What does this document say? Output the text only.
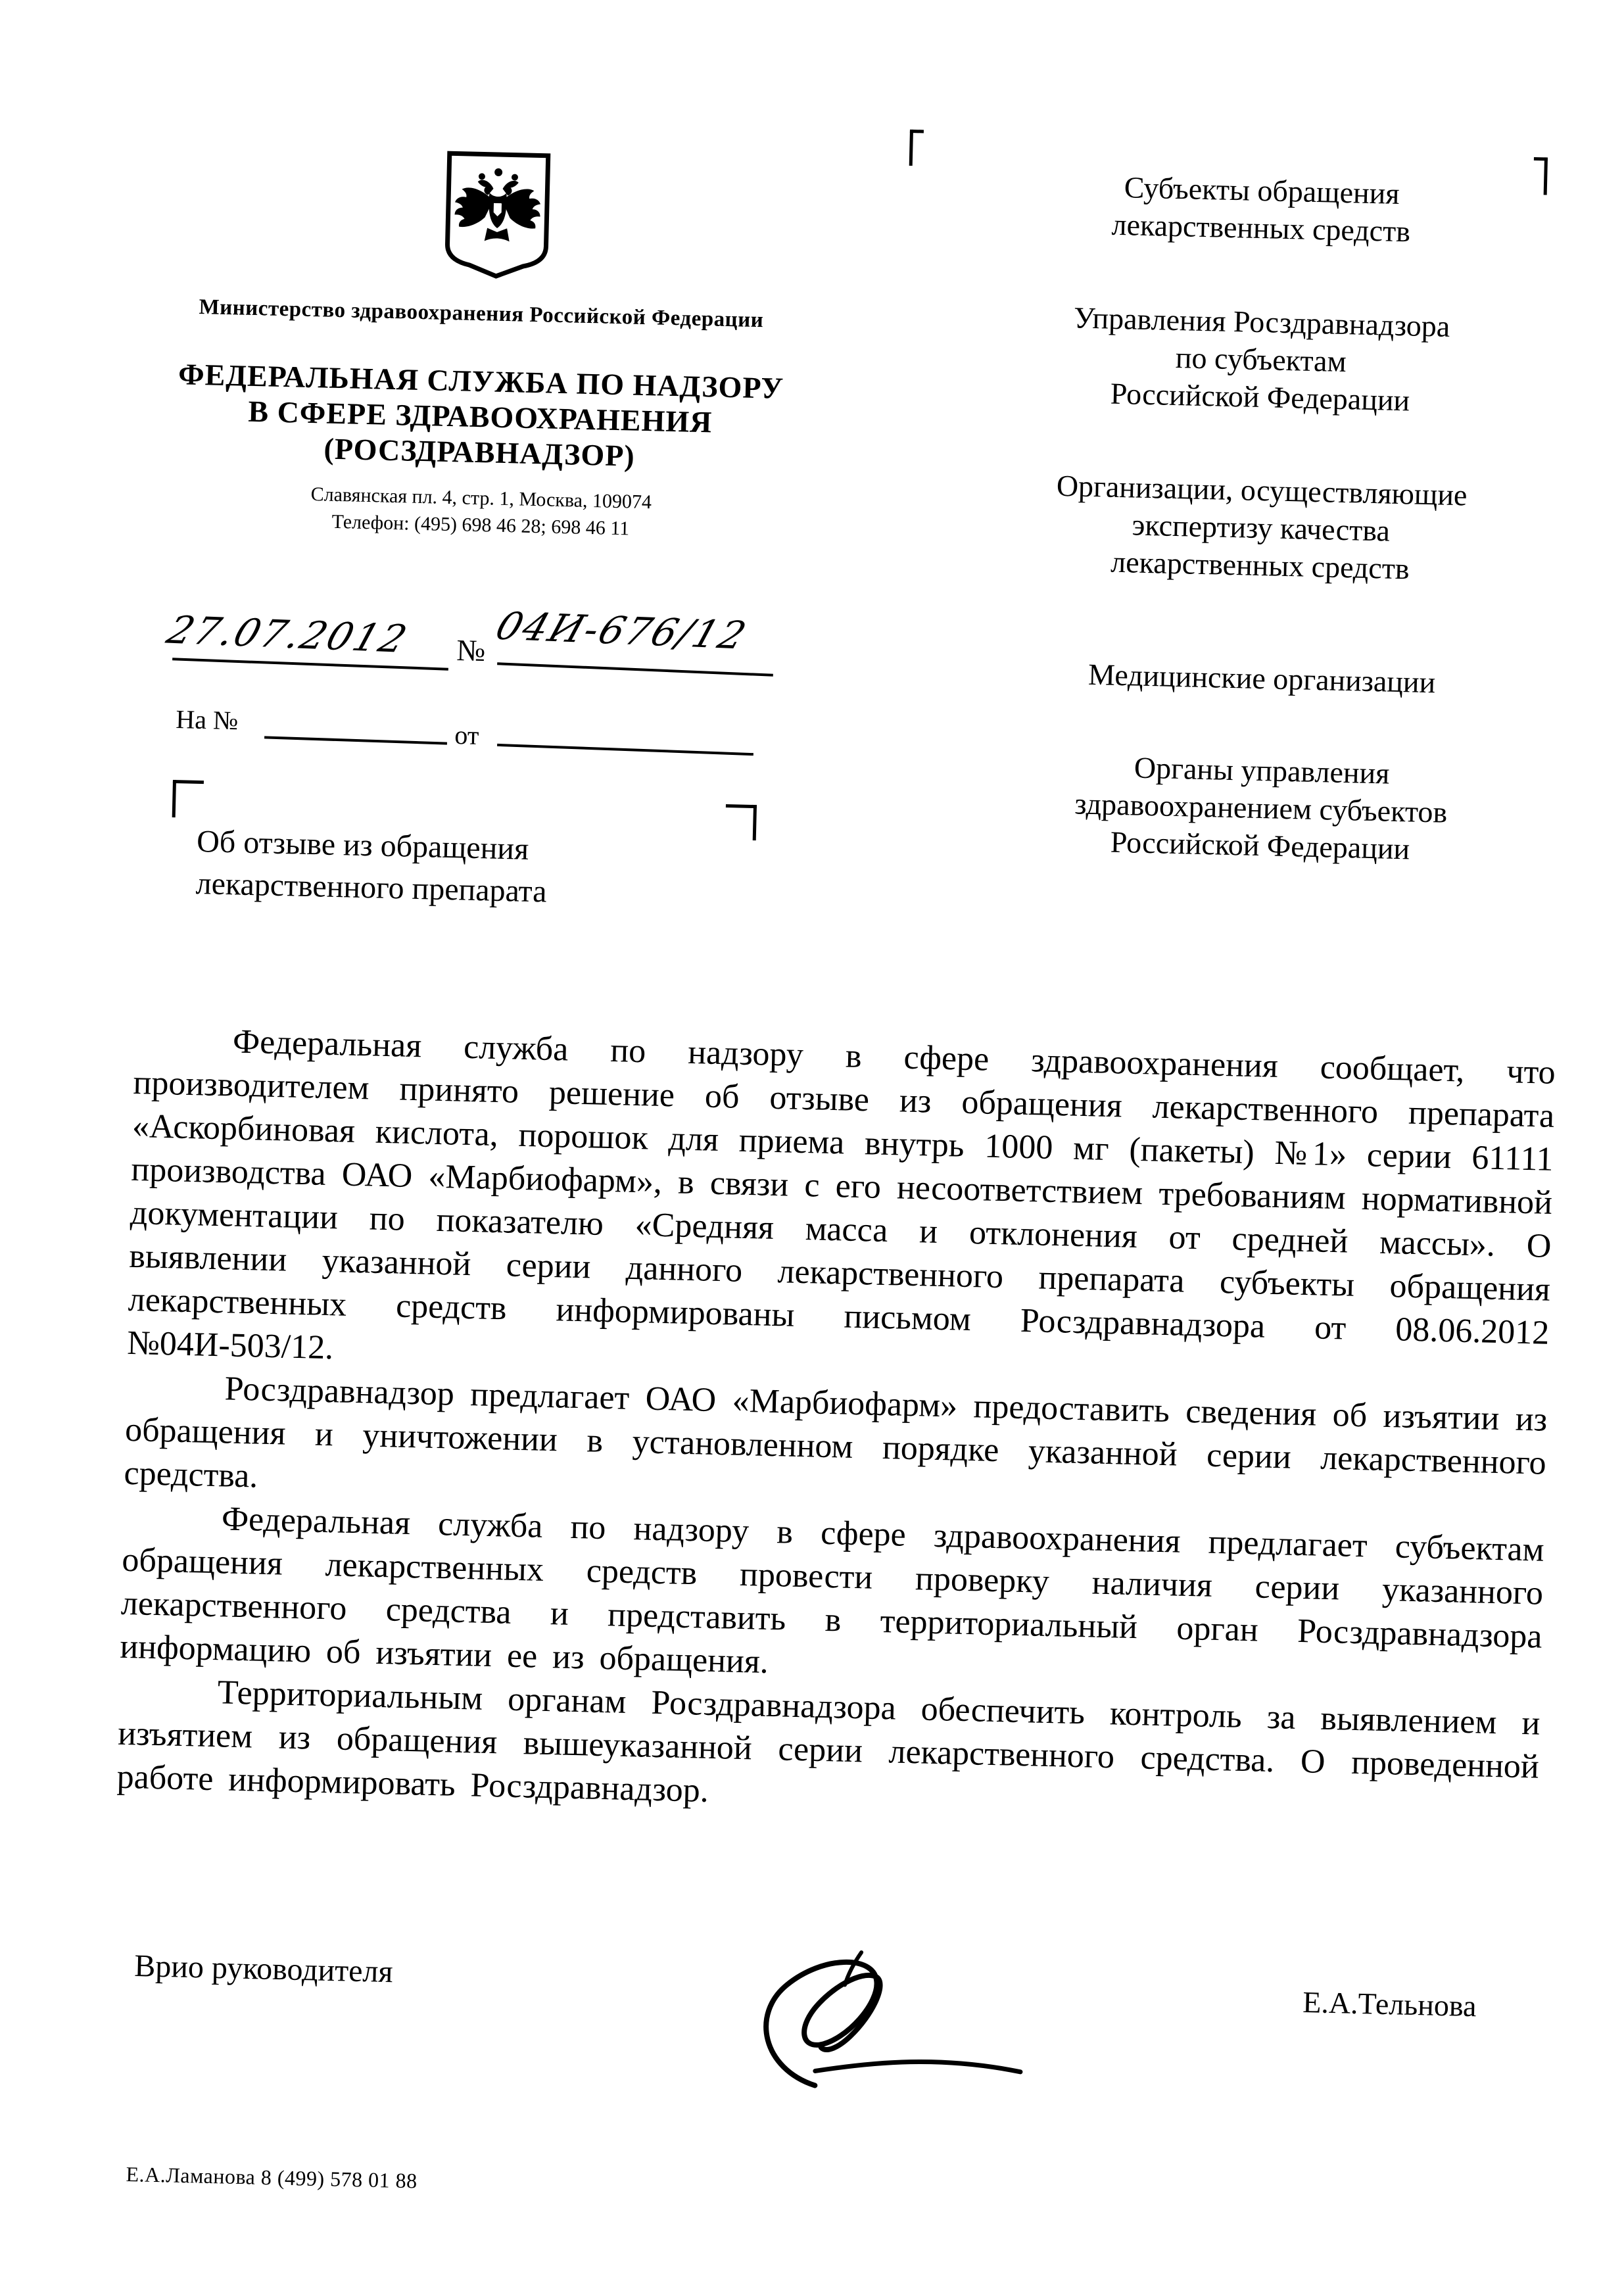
Министерство здравоохранения Российской Федерации
ФЕДЕРАЛЬНАЯ СЛУЖБА ПО НАДЗОРУ
В СФЕРЕ ЗДРАВООХРАНЕНИЯ
(РОСЗДРАВНАДЗОР)
Славянская пл. 4, стр. 1, Москва, 109074
Телефон: (495) 698 46 28; 698 46 11
27.07.2012 № 04И-676/12
На №	от
Об отзыве из обращения
лекарственного препарата
Субъекты обращения
лекарственных средств
Управления Росздравнадзора
по субъектам
Российской Федерации
Организации, осуществляющие
экспертизу качества
лекарственных средств
Медицинские организации
Органы управления
здравоохранением субъектов
Российской Федерации

Федеральная служба по надзору в сфере здравоохранения сообщает, что производителем принято решение об отзыве из обращения лекарственного препарата «Аскорбиновая кислота, порошок для приема внутрь 1000 мг (пакеты) №1» серии 61111 производства ОАО «Марбиофарм», в связи с его несоответствием требованиям нормативной документации по показателю «Средняя масса и отклонения от средней массы». О выявлении указанной серии данного лекарственного препарата субъекты обращения лекарственных средств информированы письмом Росздравнадзора от 08.06.2012 №04И-503/12.

Росздравнадзор предлагает ОАО «Марбиофарм» предоставить сведения об изъятии из обращения и уничтожении в установленном порядке указанной серии лекарственного средства.

Федеральная служба по надзору в сфере здравоохранения предлагает субъектам обращения лекарственных средств провести проверку наличия серии указанного лекарственного средства и представить в территориальный орган Росздравнадзора информацию об изъятии ее из обращения.

Территориальным органам Росздравнадзора обеспечить контроль за выявлением и изъятием из обращения вышеуказанной серии лекарственного средства. О проведенной работе информировать Росздравнадзор.

Врио руководителя
Е.А.Тельнова
Е.А.Ламанова 8 (499) 578 01 88
